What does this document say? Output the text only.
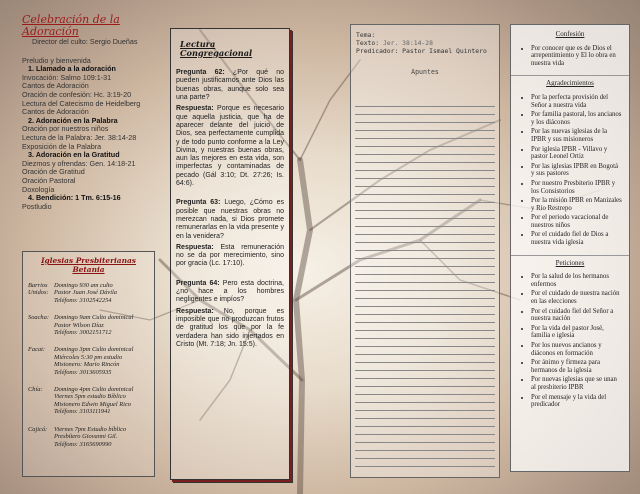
Celebración de la Adoración
Director del culto: Sergio Dueñas
Preludio y bienvenida
1. Llamado a la adoración
Invocación: Salmo 109:1-31
Cantos de Adoración
Oración de confesión: Hc. 3:19-20
Lectura del Catecismo de Heidelberg
Cantos de Adoración
2. Adoración en la Palabra
Oración por nuestros niños
Lectura de la Palabra: Jer. 38:14-28
Exposición de la Palabra
3. Adoración en la Gratitud
Diezmos y ofrendas: Gen. 14:18-21
Oración de Gratitud
Oración Pastoral
Doxología
4. Bendición: 1 Tm. 6:15-16
Postludio
Iglesias Presbiterianas Betania
Barrios Unidos:
Domingo 930 am culto
Pastor Juan José Dávila
Teléfono: 3102542254
Soacha: Domingo 9am Culto dominical
Pastor Wilson Díaz
Teléfono: 3002151712
Facat:	Domingo 3pm Culto dominical
Miércoles 5:30 pm estudio
Misionero: Mario Rincón
Teléfono: 3013605935
Chía:	Domingo 4pm Culto dominical
Viernes 5pm estudio Bíblico
Misionero Edwin Miguel Rico
Teléfono: 3103111941
Cajicá:	Viernes 7pm Estudio bíblico
Presbítero Giovanni Gil.
Teléfono: 3165690990
Lectura Congregacional
Pregunta 62: ¿Por qué no pueden justificarnos ante Dios las buenas obras, aunque solo sea una parte?
Respuesta: Porque es necesario que aquella justicia, que ha de aparecer delante del juicio de Dios, sea perfectamente cumplida y de todo punto conforme a la Ley Divina, y nuestras buenas obras, aun las mejores en esta vida, son imperfectas y contaminadas de pecado (Gál 3:10; Dt. 27:26; Is. 64:6).
Pregunta 63: Luego, ¿Cómo es posible que nuestras obras no merezcan nada, si Dios promete remunerarlas en la vida presente y en la venidera?
Respuesta: Esta remuneración no se da por merecimiento, sino por gracia (Lc. 17:10).
Pregunta 64: Pero esta doctrina, ¿no hace a los hombres negligentes e impíos?
Respuesta: No, porque es imposible que no produzcan frutos de gratitud los que por la fe verdadera han sido injertados en Cristo (Mt. 7:18; Jn. 15:5).
Tema:
Texto: Jer. 38:14-28
Predicador: Pastor Ismael Quintero
Apuntes
Confesión
• Por conocer que es de Dios el arrepentimiento y El lo obra en nuestra vida
Agradecimientos
• Por la perfecta provisión del Señor a nuestra vida
• Por familia pastoral, los ancianos y los diáconos
• Por las nuevas iglesias de la IPBR y sus misioneros
• Por iglesia IPBR - Villavo y pastor Leonel Ortiz
• Por las iglesias IPBR en Bogotá y sus pastores
• Por nuestro Presbiterio IPBR y los Consistorios
• Por la misión IPBR en Manizales y Río Restrepo
• Por el periodo vacacional de nuestros niños
• Por el cuidado fiel de Dios a nuestra vida iglesia
Peticiones
• Por la salud de los hermanos enfermos
• Por el cuidado de nuestra nación en las elecciones
• Por el cuidado fiel del Señor a nuestra nación
• Por la vida del pastor José, familia e iglesia
• Por los nuevos ancianos y diáconos en formación
• Por ánimo y firmeza para hermanos de la iglesia
• Por nuevas iglesias que se unan al presbiterio IPBR
• Por el mensaje y la vida del predicador
